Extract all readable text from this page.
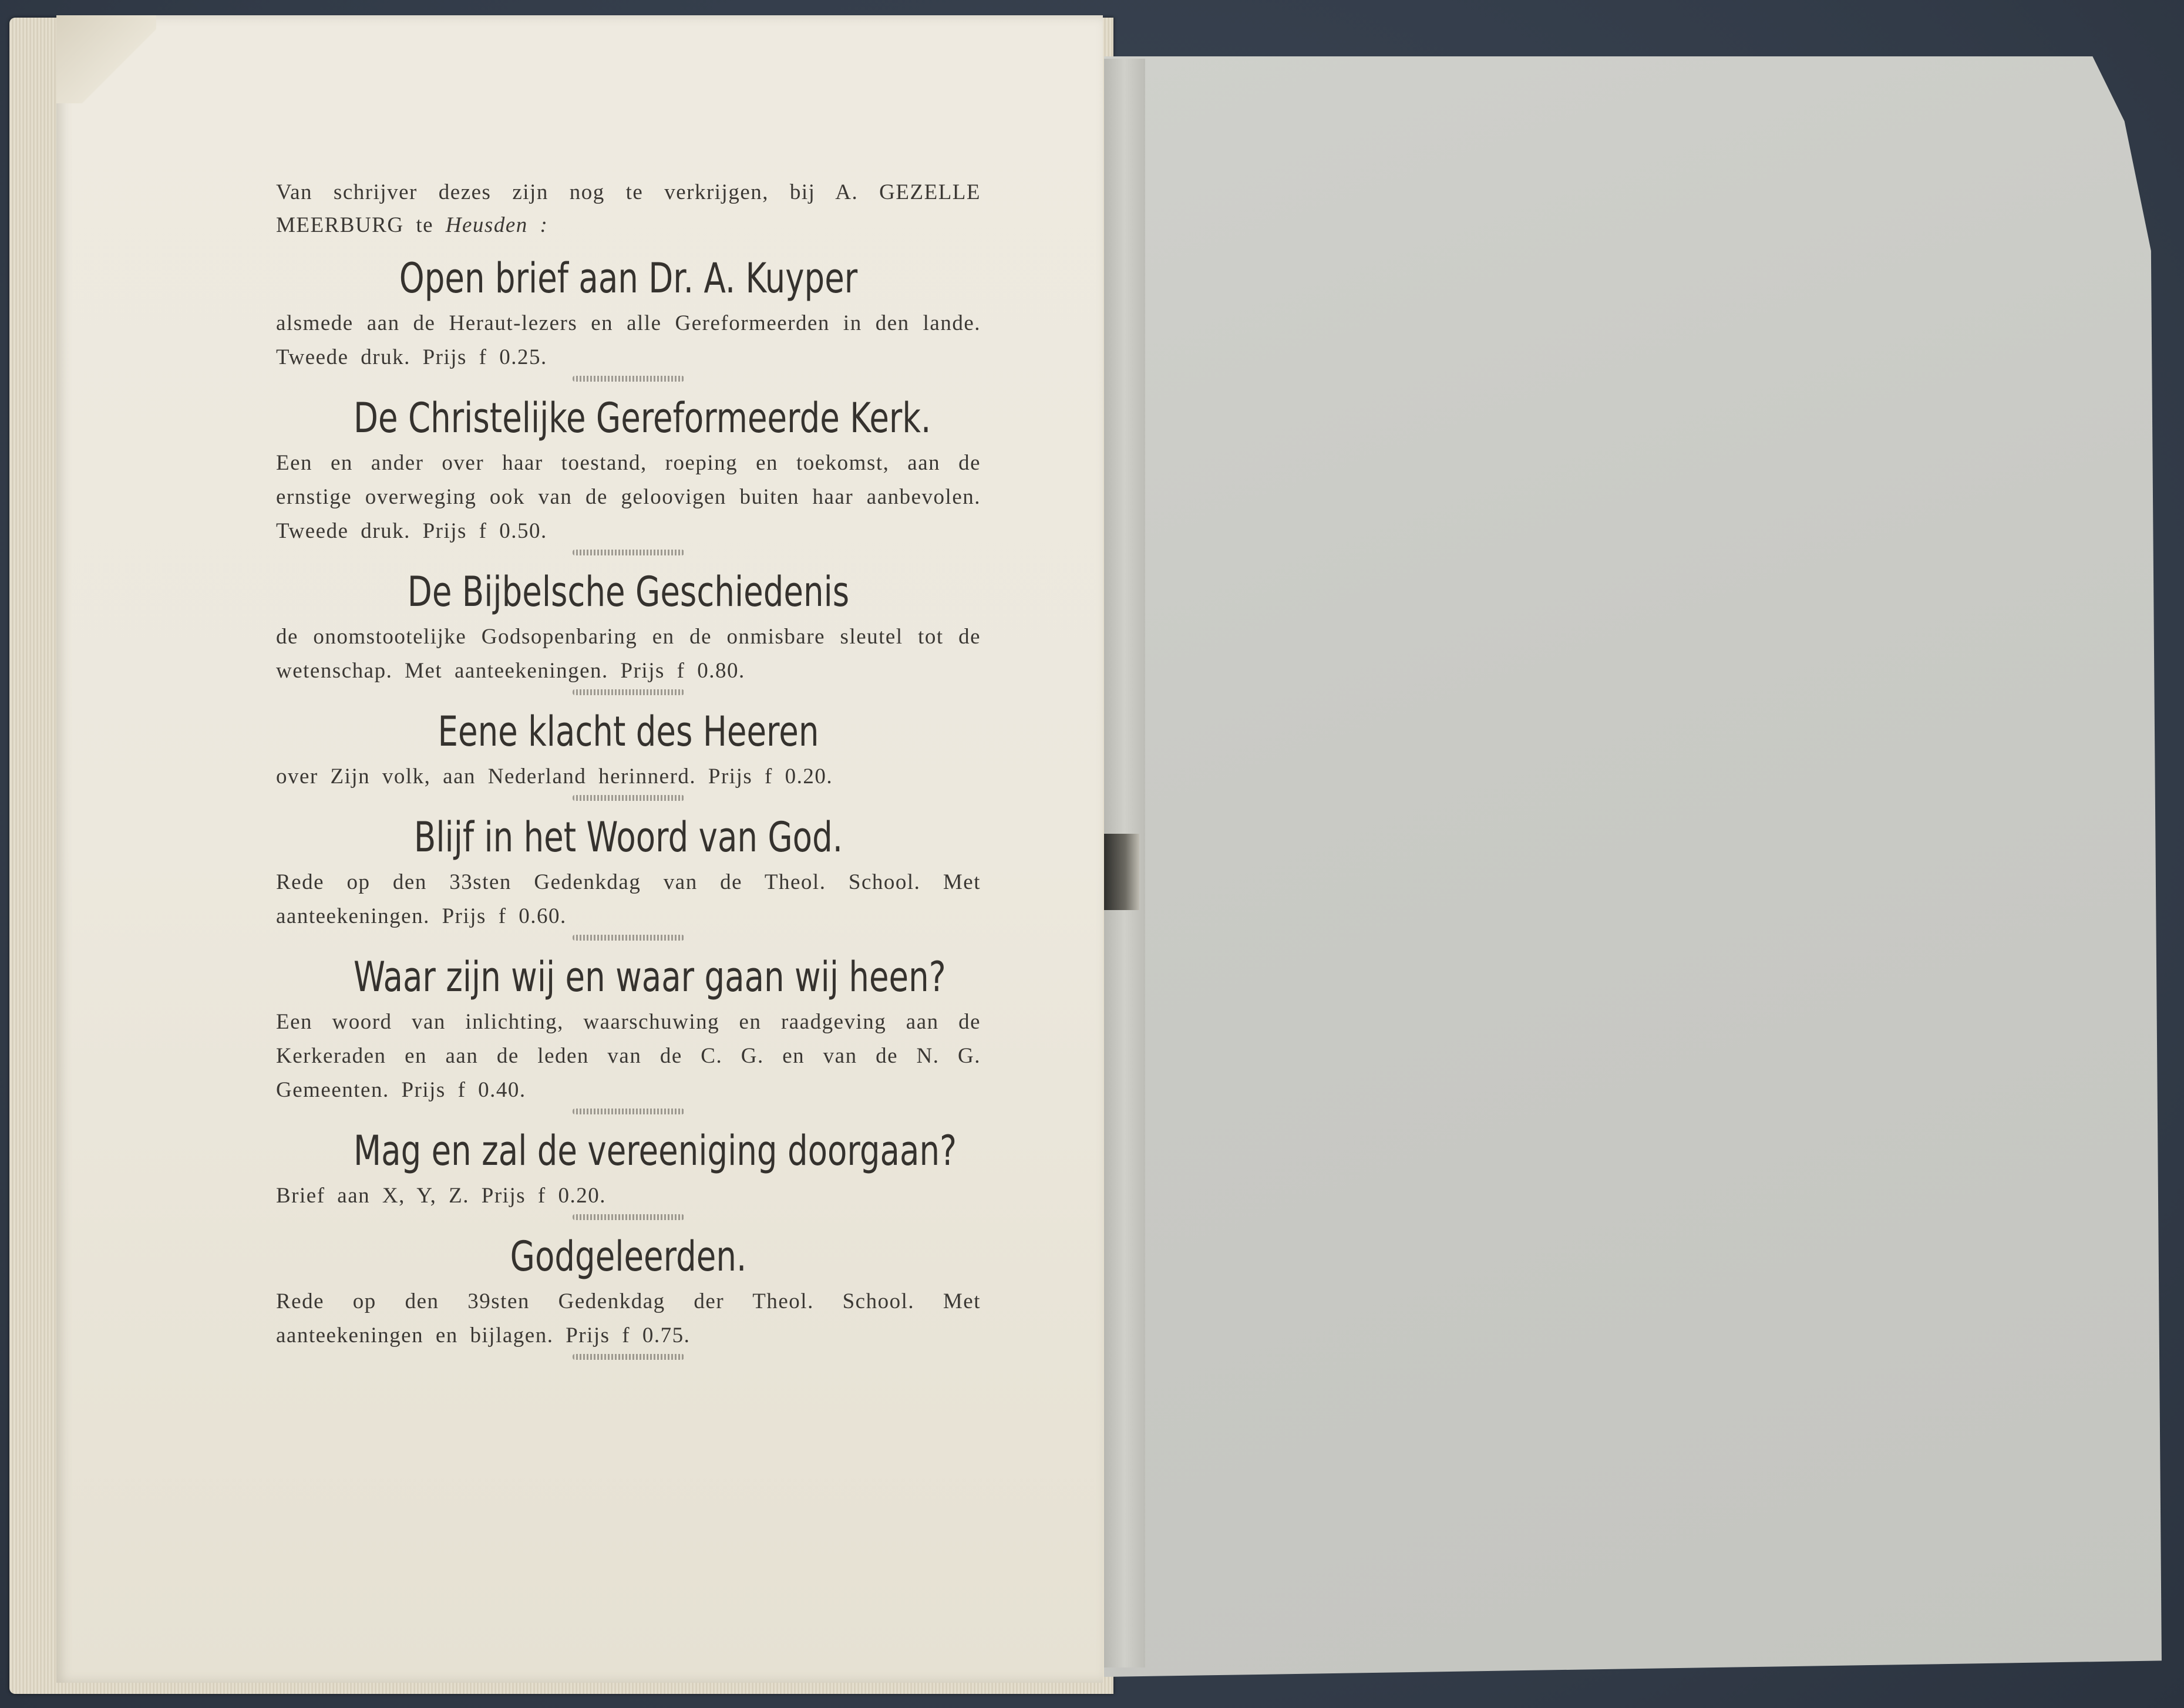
Van schrijver dezes zijn nog te verkrijgen, bij A. GEZELLE MEERBURG te Heusden :

Open brief aan Dr. A. Kuyper

alsmede aan de Heraut-lezers en alle Gereformeerden in den lande. Tweede druk. Prijs f 0.25.

De Christelijke Gereformeerde Kerk.

Een en ander over haar toestand, roeping en toekomst, aan de ernstige overweging ook van de geloovigen buiten haar aanbevolen. Tweede druk. Prijs f 0.50.

De Bijbelsche Geschiedenis

de onomstootelijke Godsopenbaring en de onmisbare sleutel tot de wetenschap. Met aanteekeningen. Prijs f 0.80.

Eene klacht des Heeren

over Zijn volk, aan Nederland herinnerd. Prijs f 0.20.

Blijf in het Woord van God.

Rede op den 33sten Gedenkdag van de Theol. School. Met aanteekeningen. Prijs f 0.60.

Waar zijn wij en waar gaan wij heen?

Een woord van inlichting, waarschuwing en raadgeving aan de Kerkeraden en aan de leden van de C. G. en van de N. G. Gemeenten. Prijs f 0.40.

Mag en zal de vereeniging doorgaan?

Brief aan X, Y, Z. Prijs f 0.20.

Godgeleerden.

Rede op den 39sten Gedenkdag der Theol. School. Met aanteekeningen en bijlagen. Prijs f 0.75.
